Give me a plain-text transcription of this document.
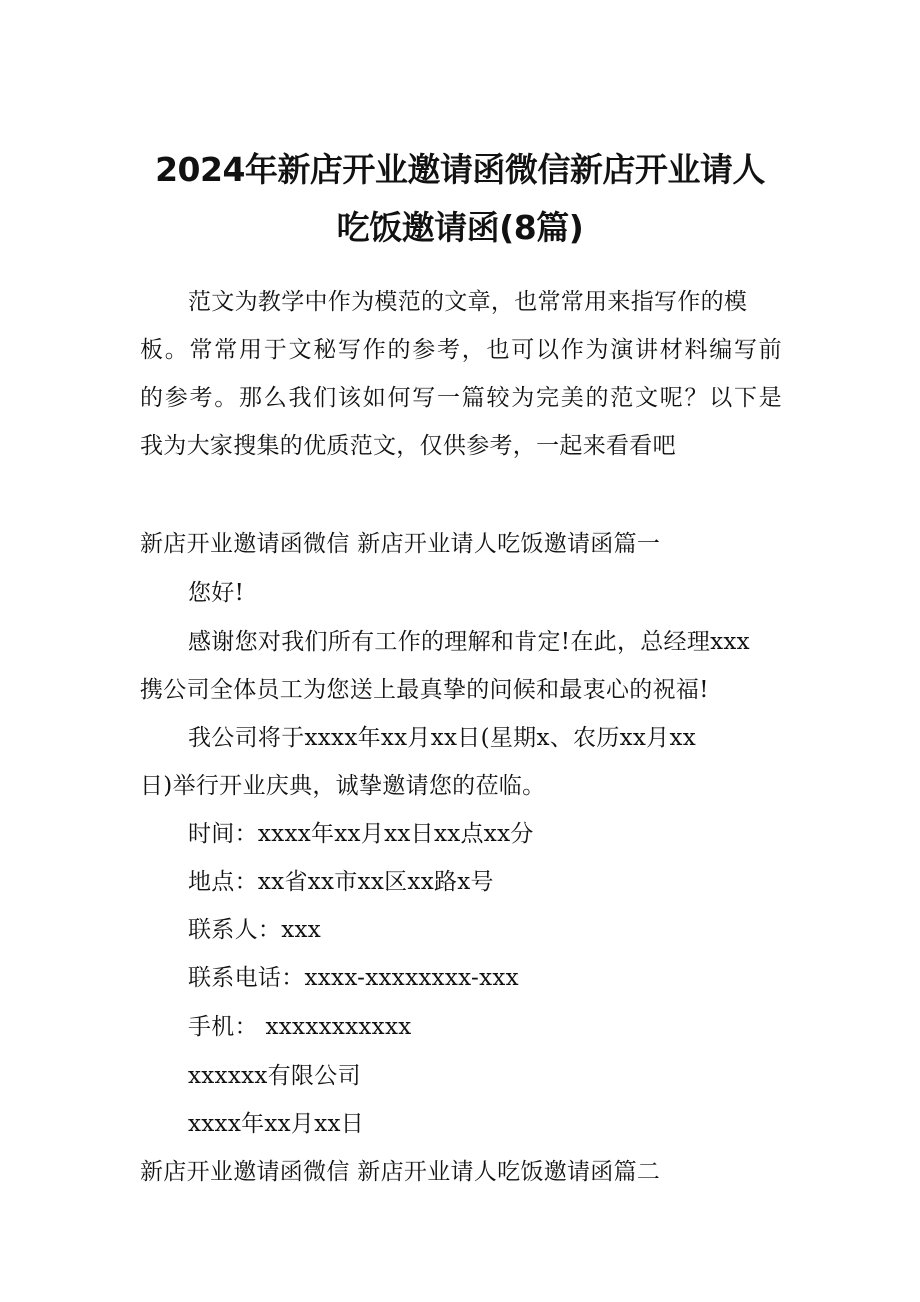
2024年新店开业邀请函微信新店开业请人
吃饭邀请函(8篇)
范文为教学中作为模范的文章，也常常用来指写作的模
板。常常用于文秘写作的参考，也可以作为演讲材料编写前
的参考。那么我们该如何写一篇较为完美的范文呢？以下是
我为大家搜集的优质范文，仅供参考，一起来看看吧
新店开业邀请函微信 新店开业请人吃饭邀请函篇一
您好!
感谢您对我们所有工作的理解和肯定!在此，总经理xxx
携公司全体员工为您送上最真挚的问候和最衷心的祝福!
我公司将于xxxx年xx月xx日(星期x、农历xx月xx
日)举行开业庆典，诚挚邀请您的莅临。
时间：xxxx年xx月xx日xx点xx分
地点：xx省xx市xx区xx路x号
联系人：xxx
联系电话：xxxx-xxxxxxxx-xxx
手机： xxxxxxxxxxx
xxxxxx有限公司
xxxx年xx月xx日
新店开业邀请函微信 新店开业请人吃饭邀请函篇二
